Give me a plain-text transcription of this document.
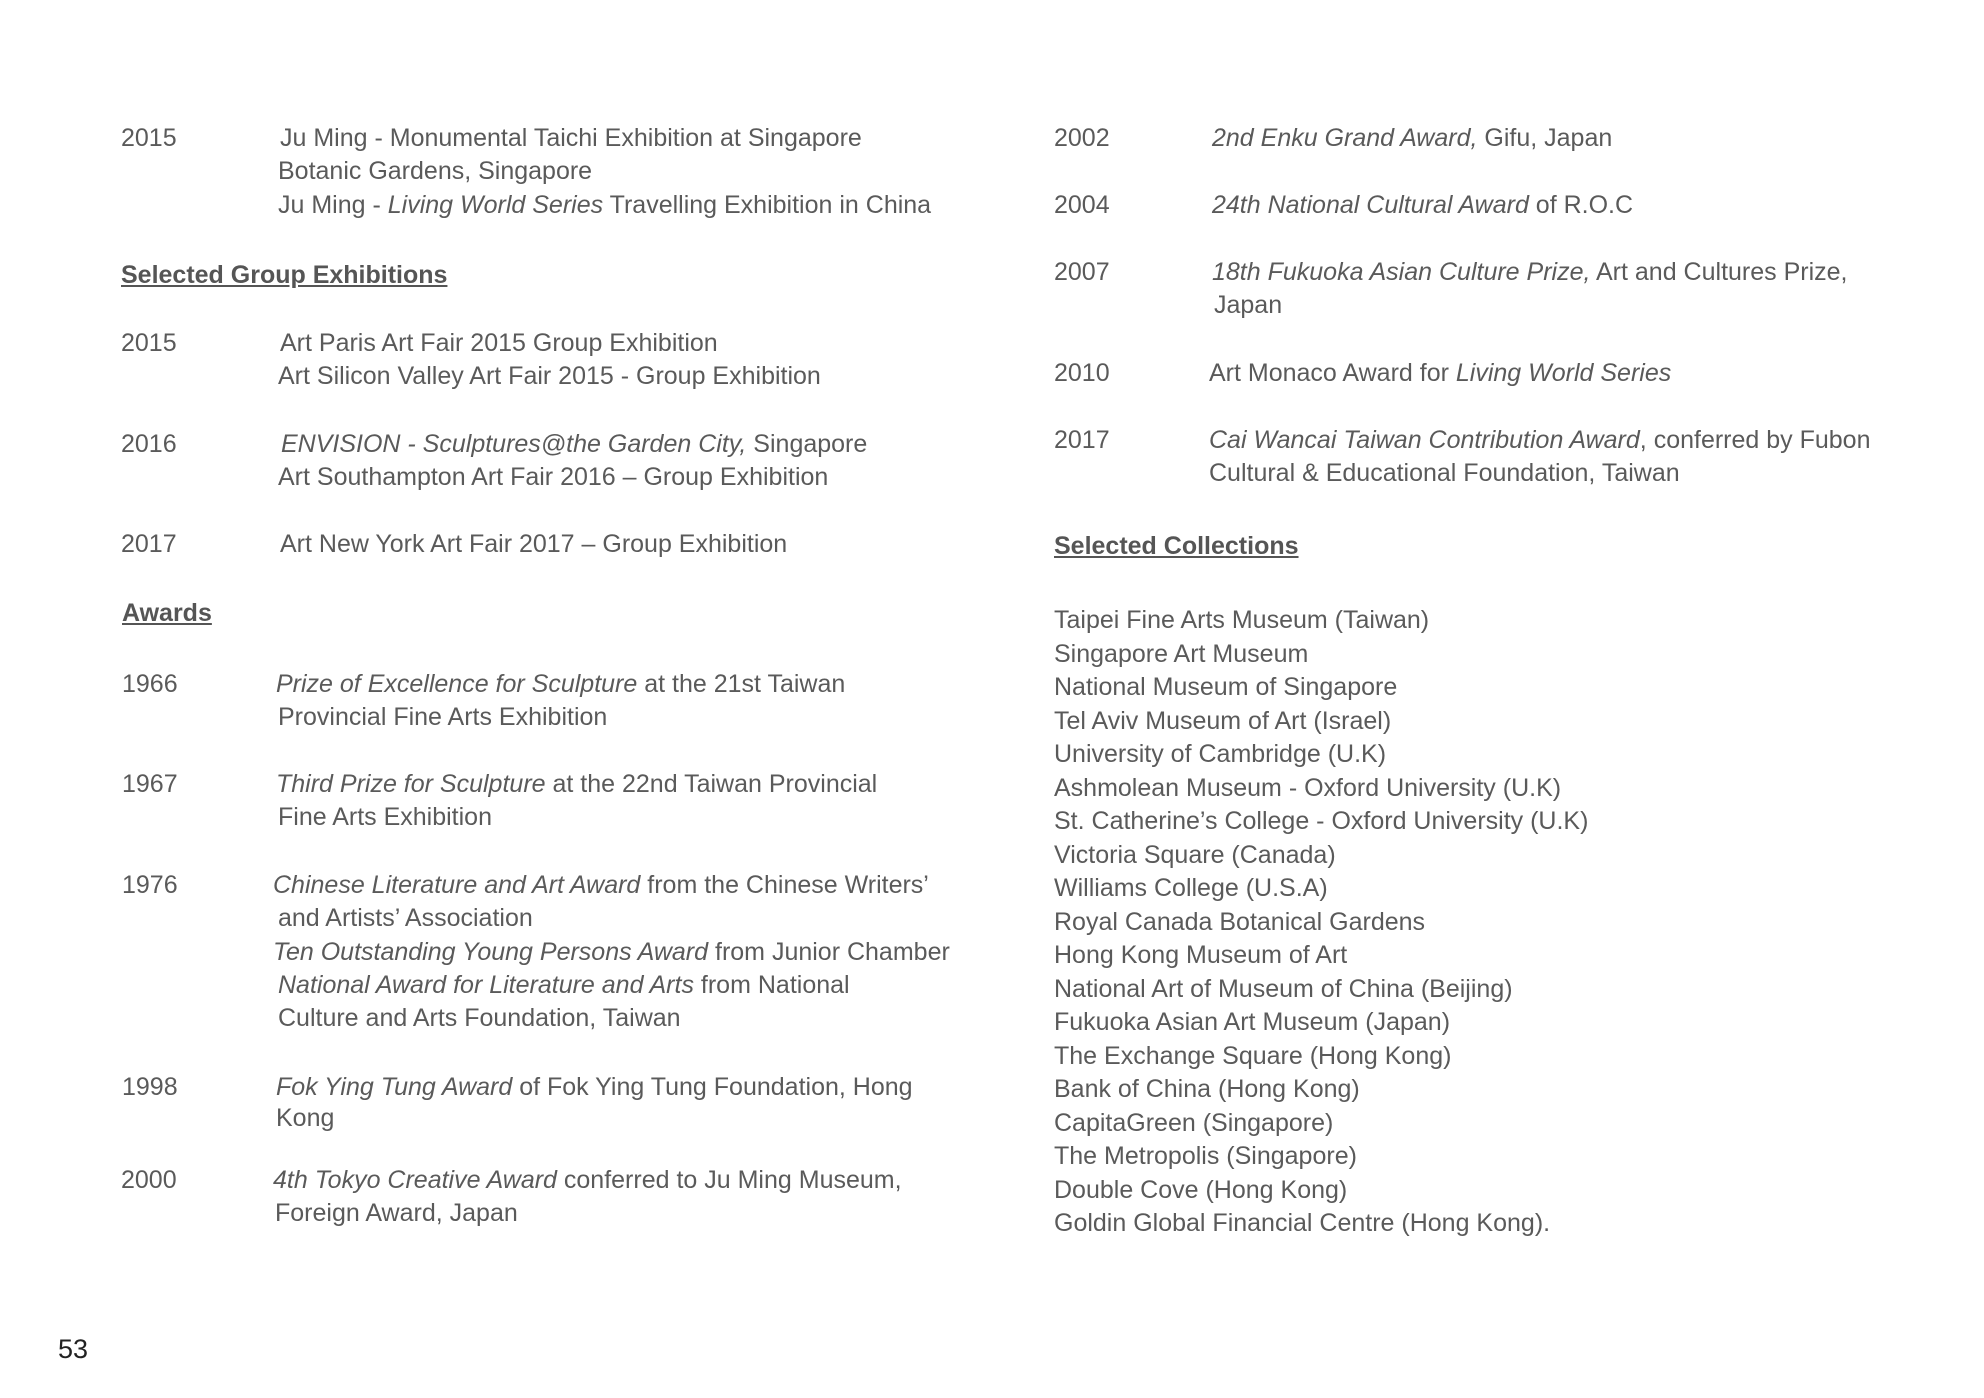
2015	Ju Ming - Monumental Taichi Exhibition at Singapore
Botanic Gardens, Singapore
Ju Ming - Living World Series Travelling Exhibition in China
Selected Group Exhibitions
2015	Art Paris Art Fair 2015 Group Exhibition
Art Silicon Valley Art Fair 2015 - Group Exhibition
2016	ENVISION - Sculptures@the Garden City, Singapore
Art Southampton Art Fair 2016 – Group Exhibition
2017	Art New York Art Fair 2017 – Group Exhibition
Awards
1966	Prize of Excellence for Sculpture at the 21st Taiwan
Provincial Fine Arts Exhibition
1967	Third Prize for Sculpture at the 22nd Taiwan Provincial
Fine Arts Exhibition
1976	Chinese Literature and Art Award from the Chinese Writers’
and Artists’ Association
Ten Outstanding Young Persons Award from Junior Chamber
National Award for Literature and Arts from National
Culture and Arts Foundation, Taiwan
1998	Fok Ying Tung Award of Fok Ying Tung Foundation, Hong
Kong
2000	4th Tokyo Creative Award conferred to Ju Ming Museum,
Foreign Award, Japan
2002	2nd Enku Grand Award, Gifu, Japan
2004	24th National Cultural Award of R.O.C
2007	18th Fukuoka Asian Culture Prize, Art and Cultures Prize,
Japan
2010	Art Monaco Award for Living World Series
2017	Cai Wancai Taiwan Contribution Award, conferred by Fubon
Cultural & Educational Foundation, Taiwan
Selected Collections
Taipei Fine Arts Museum (Taiwan)
Singapore Art Museum
National Museum of Singapore
Tel Aviv Museum of Art (Israel)
University of Cambridge (U.K)
Ashmolean Museum - Oxford University (U.K)
St. Catherine’s College - Oxford University (U.K)
Victoria Square (Canada)
Williams College (U.S.A)
Royal Canada Botanical Gardens
Hong Kong Museum of Art
National Art of Museum of China (Beijing)
Fukuoka Asian Art Museum (Japan)
The Exchange Square (Hong Kong)
Bank of China (Hong Kong)
CapitaGreen (Singapore)
The Metropolis (Singapore)
Double Cove (Hong Kong)
Goldin Global Financial Centre (Hong Kong).
53
